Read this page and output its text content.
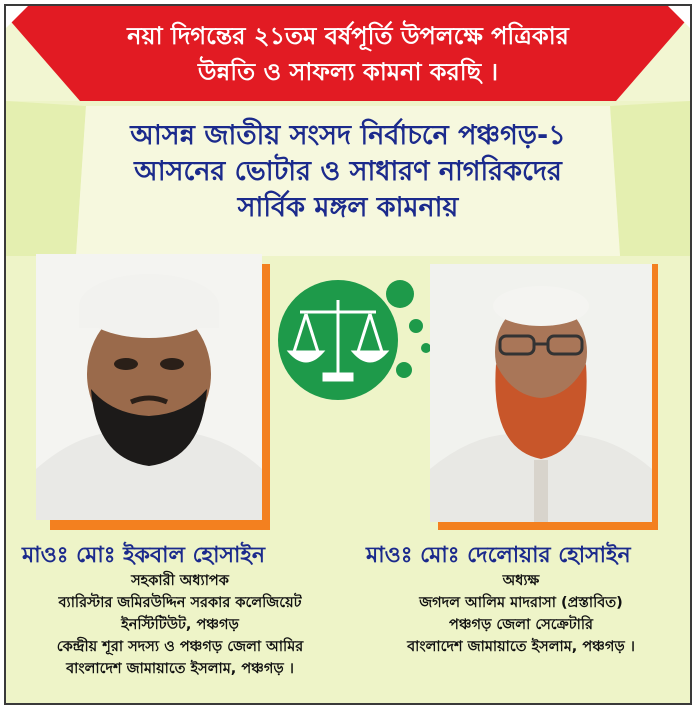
নয়া দিগন্তের ২১তম বর্ষপূর্তি উপলক্ষে পত্রিকার
উন্নতি ও সাফল্য কামনা করছি ।
আসন্ন জাতীয় সংসদ নির্বাচনে পঞ্চগড়-১
আসনের ভোটার ও সাধারণ নাগরিকদের
সার্বিক মঙ্গল কামনায়
মাওঃ মোঃ ইকবাল হোসাইন	মাওঃ মোঃ দেলোয়ার হোসাইন
সহকারী অধ্যাপক
ব্যারিস্টার জমিরউদ্দিন সরকার কলেজিয়েট
ইনস্টিটিউট, পঞ্চগড়
কেন্দ্রীয় শূরা সদস্য ও পঞ্চগড় জেলা আমির
বাংলাদেশ জামায়াতে ইসলাম, পঞ্চগড় ।
অধ্যক্ষ
জগদল আলিম মাদরাসা (প্রস্তাবিত)
পঞ্চগড় জেলা সেক্রেটারি
বাংলাদেশ জামায়াতে ইসলাম, পঞ্চগড় ।
